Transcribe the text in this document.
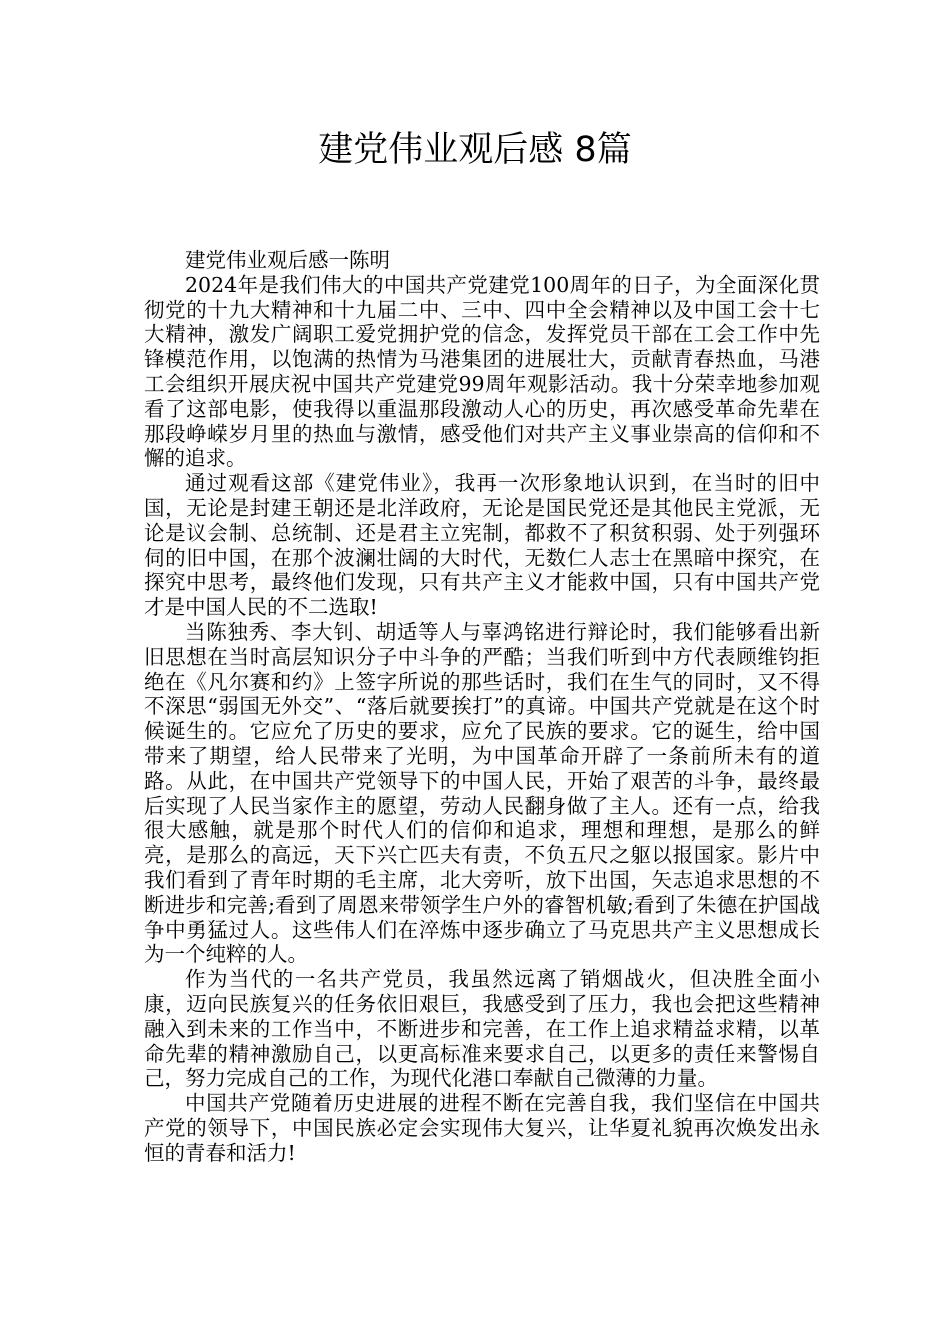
建党伟业观后感 8篇

建党伟业观后感一陈明

2024年是我们伟大的中国共产党建党100周年的日子，为全面深化贯彻党的十九大精神和十九届二中、三中、四中全会精神以及中国工会十七大精神，激发广阔职工爱党拥护党的信念，发挥党员干部在工会工作中先锋模范作用，以饱满的热情为马港集团的进展壮大，贡献青春热血，马港工会组织开展庆祝中国共产党建党99周年观影活动。我十分荣幸地参加观看了这部电影，使我得以重温那段激动人心的历史，再次感受革命先辈在那段峥嵘岁月里的热血与激情，感受他们对共产主义事业崇高的信仰和不懈的追求。

通过观看这部《建党伟业》，我再一次形象地认识到，在当时的旧中国，无论是封建王朝还是北洋政府，无论是国民党还是其他民主党派，无论是议会制、总统制、还是君主立宪制，都救不了积贫积弱、处于列强环伺的旧中国，在那个波澜壮阔的大时代，无数仁人志士在黑暗中探究，在探究中思考，最终他们发现，只有共产主义才能救中国，只有中国共产党才是中国人民的不二选取!

当陈独秀、李大钊、胡适等人与辜鸿铭进行辩论时，我们能够看出新旧思想在当时高层知识分子中斗争的严酷；当我们听到中方代表顾维钧拒绝在《凡尔赛和约》上签字所说的那些话时，我们在生气的同时，又不得不深思“弱国无外交”、“落后就要挨打”的真谛。中国共产党就是在这个时候诞生的。它应允了历史的要求，应允了民族的要求。它的诞生，给中国带来了期望，给人民带来了光明，为中国革命开辟了一条前所未有的道路。从此，在中国共产党领导下的中国人民，开始了艰苦的斗争，最终最后实现了人民当家作主的愿望，劳动人民翻身做了主人。还有一点，给我很大感触，就是那个时代人们的信仰和追求，理想和理想，是那么的鲜亮，是那么的高远，天下兴亡匹夫有责，不负五尺之躯以报国家。影片中我们看到了青年时期的毛主席，北大旁听，放下出国，矢志追求思想的不断进步和完善;看到了周恩来带领学生户外的睿智机敏;看到了朱德在护国战争中勇猛过人。这些伟人们在淬炼中逐步确立了马克思共产主义思想成长为一个纯粹的人。

作为当代的一名共产党员，我虽然远离了销烟战火，但决胜全面小康，迈向民族复兴的任务依旧艰巨，我感受到了压力，我也会把这些精神融入到未来的工作当中，不断进步和完善，在工作上追求精益求精，以革命先辈的精神激励自己，以更高标准来要求自己，以更多的责任来警惕自己，努力完成自己的工作，为现代化港口奉献自己微薄的力量。

中国共产党随着历史进展的进程不断在完善自我，我们坚信在中国共产党的领导下，中国民族必定会实现伟大复兴，让华夏礼貌再次焕发出永恒的青春和活力!
